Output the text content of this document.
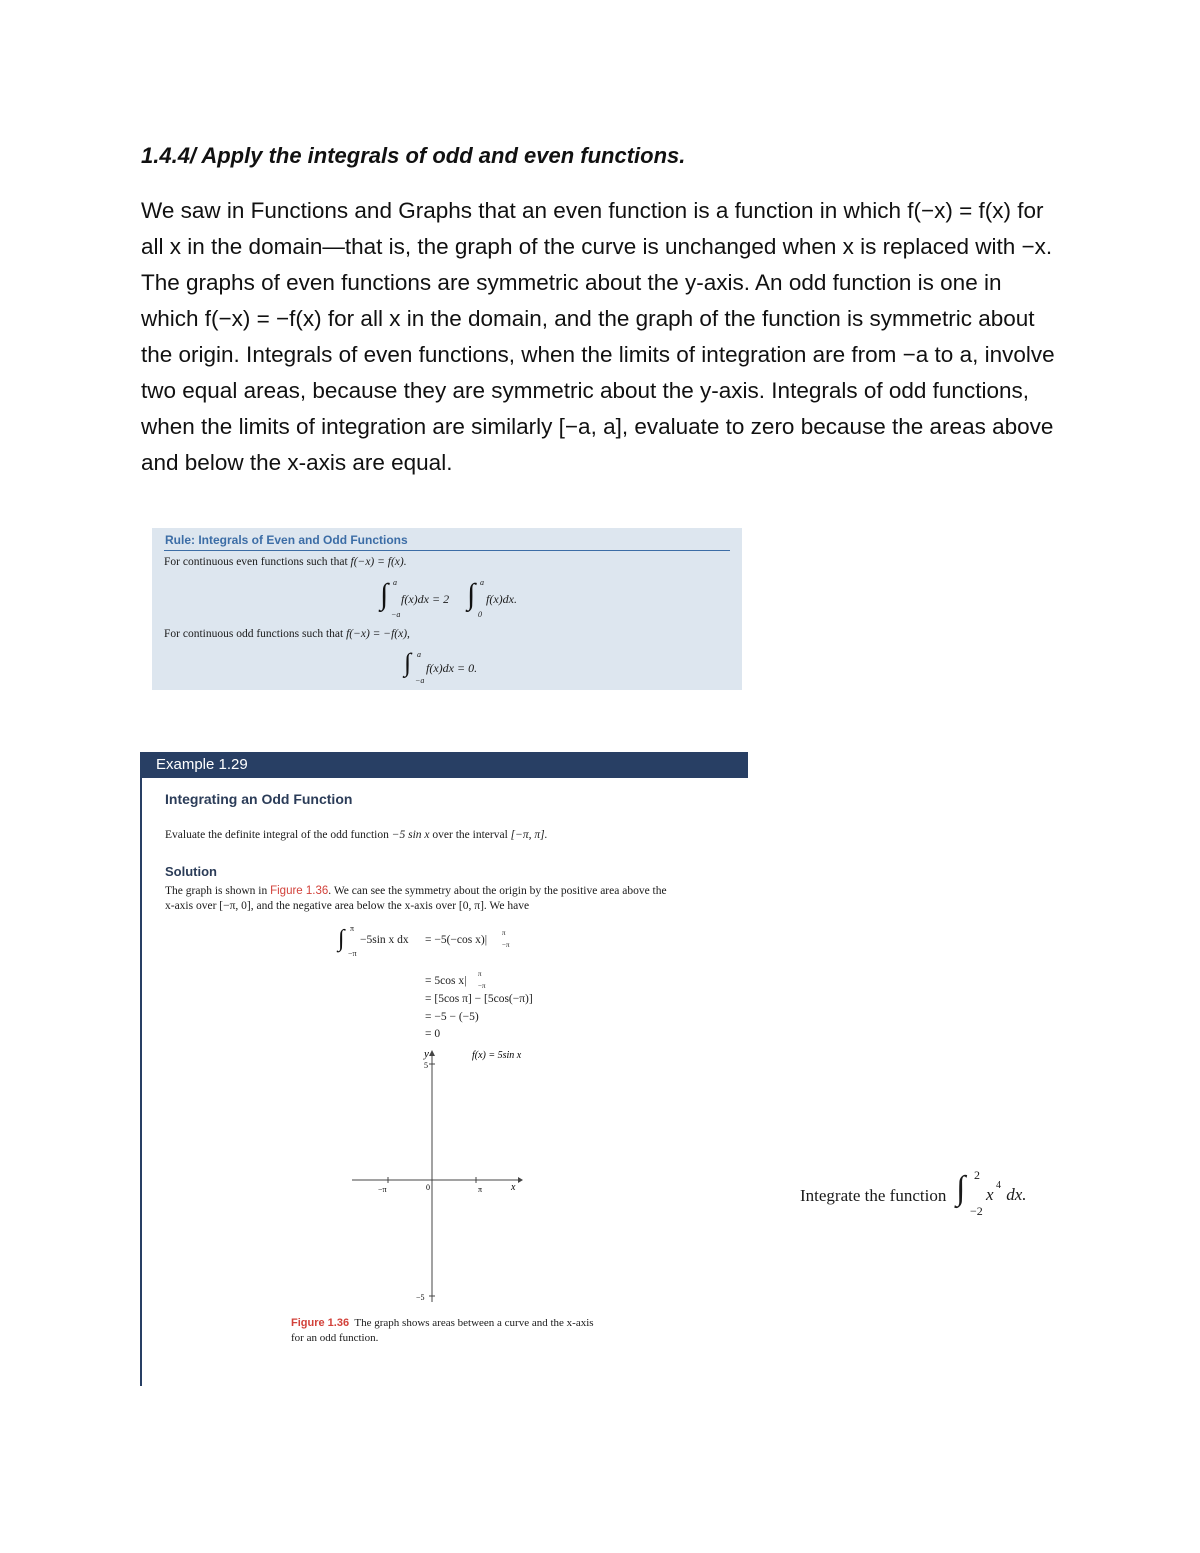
1.4.4/ Apply the integrals of odd and even functions.

We saw in Functions and Graphs that an even function is a function in which f(−x) = f(x) for all x in the domain—that is, the graph of the curve is unchanged when x is replaced with −x. The graphs of even functions are symmetric about the y-axis. An odd function is one in which f(−x) = −f(x) for all x in the domain, and the graph of the function is symmetric about the origin. Integrals of even functions, when the limits of integration are from −a to a, involve two equal areas, because they are symmetric about the y-axis. Integrals of odd functions, when the limits of integration are similarly [−a, a], evaluate to zero because the areas above and below the x-axis are equal.

Rule: Integrals of Even and Odd Functions
For continuous even functions such that f(−x) = f(x).
∫ a
−a
f(x)dx = 2 ∫ a
0
f(x)dx.
For continuous odd functions such that f(−x) = −f(x),
∫ a
−a
f(x)dx = 0.
Example 1.29
Integrating an Odd Function
Evaluate the definite integral of the odd function −5 sin x over the interval [−π, π].
Solution
The graph is shown in Figure 1.36. We can see the symmetry about the origin by the positive area above the
x-axis over [−π, 0], and the negative area below the x-axis over [0, π]. We have
∫ π
−π
−5sin x dx = −5(−cos x)|
π
−π
= 5cos x|
π
−π
= [5cos π] − [5cos(−π)]
= −5 − (−5)
= 0
y
5
−5
0
−π	π	x
f(x) = 5sin x
Figure 1.36 The graph shows areas between a curve and the x-axis for an odd function.
Integrate the function ∫ 2
−2
x 4 dx.
